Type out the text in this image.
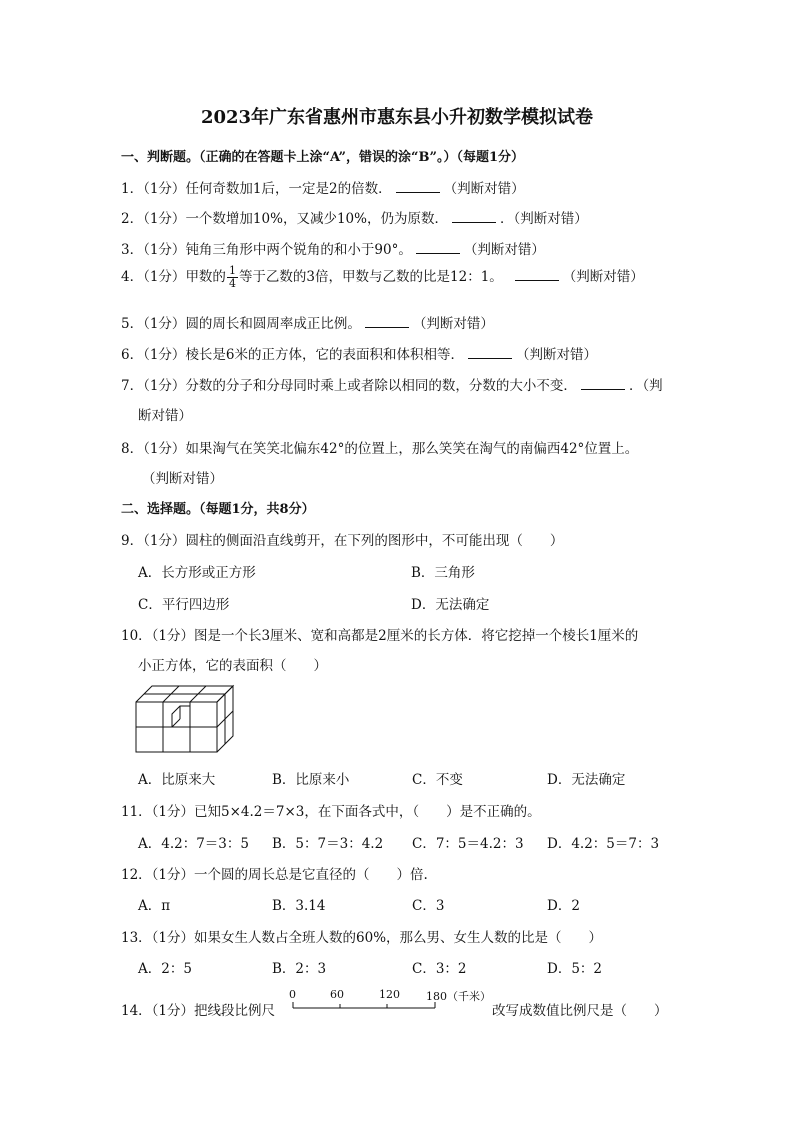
2023年广东省惠州市惠东县小升初数学模拟试卷
一、判断题。（正确的在答题卡上涂“A”，错误的涂“B”。）（每题1分）
1．（1分）任何奇数加1后，一定是2的倍数．	（判断对错）
2．（1分）一个数增加10%，又减少10%，仍为原数．	．（判断对错）
3．（1分）钝角三角形中两个锐角的和小于90°。	（判断对错）
4．（1分）甲数的 $\frac{1}{4}$ 等于乙数的3倍，甲数与乙数的比是12：1。	（判断对错）
5．（1分）圆的周长和圆周率成正比例。	（判断对错）
6．（1分）棱长是6米的正方体，它的表面积和体积相等．	（判断对错）
7．（1分）分数的分子和分母同时乘上或者除以相同的数，分数的大小不变．	．（判
断对错）
8．（1分）如果淘气在笑笑北偏东42°的位置上，那么笑笑在淘气的南偏西42°位置上。
（判断对错）
二、选择题。（每题1分，共8分）
9．（1分）圆柱的侧面沿直线剪开，在下列的图形中，不可能出现（　　）
A．长方形或正方形	B．三角形
C．平行四边形	D．无法确定
10．（1分）图是一个长3厘米、宽和高都是2厘米的长方体．将它挖掉一个棱长1厘米的
小正方体，它的表面积（　　）
A．比原来大	B．比原来小	C．不变	D．无法确定
11．（1分）已知5×4.2＝7×3，在下面各式中，（　　）是不正确的。
A．4.2：7＝3：5 B．5：7＝3：4.2 C．7：5＝4.2：3 D．4.2：5＝7：3
12．（1分）一个圆的周长总是它直径的（　　）倍.
A．π	B．3.14	C．3	D．2
13．（1分）如果女生人数占全班人数的60%，那么男、女生人数的比是（　　）
A．2：5	B．2：3	C．3：2	D．5：2
14．（1分）把线段比例尺
0	60	120 180（千米）
改写成数值比例尺是（　　）
